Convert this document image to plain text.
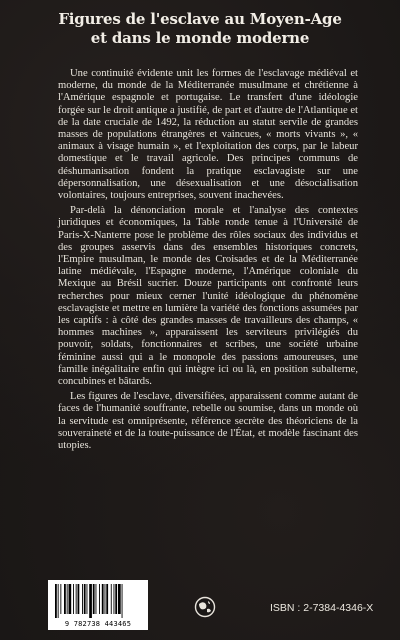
Figures de l'esclave au Moyen-Age
et dans le monde moderne

Une continuité évidente unit les formes de l'esclavage médiéval et moderne, du monde de la Méditerranée musulmane et chrétienne à l'Amérique espagnole et portugaise. Le transfert d'une idéologie forgée sur le droit antique a justifié, de part et d'autre de l'Atlantique et de la date cruciale de 1492, la réduction au statut servile de grandes masses de populations étrangères et vaincues, « morts vivants », « animaux à visage humain », et l'exploitation des corps, par le labeur domestique et le travail agricole. Des principes communs de déshumanisation fondent la pratique esclavagiste sur une dépersonnalisation, une désexualisation et une désocialisation volontaires, toujours entreprises, souvent inachevées.

Par-delà la dénonciation morale et l'analyse des contextes juridiques et économiques, la Table ronde tenue à l'Université de Paris-X-Nanterre pose le problème des rôles sociaux des individus et des groupes asservis dans des ensembles historiques concrets, l'Empire musulman, le monde des Croisades et de la Méditerranée latine médiévale, l'Espagne moderne, l'Amérique coloniale du Mexique au Brésil sucrier. Douze participants ont confronté leurs recherches pour mieux cerner l'unité idéologique du phénomène esclavagiste et mettre en lumière la variété des fonctions assumées par les captifs : à côté des grandes masses de travailleurs des champs, « hommes machines », apparaissent les serviteurs privilégiés du pouvoir, soldats, fonctionnaires et scribes, une société urbaine féminine aussi qui a le monopole des passions amoureuses, une famille inégalitaire enfin qui intègre ici ou là, en position subalterne, concubines et bâtards.

Les figures de l'esclave, diversifiées, apparaissent comme autant de faces de l'humanité souffrante, rebelle ou soumise, dans un monde où la servitude est omniprésente, référence secrète des théoriciens de la souveraineté et de la toute-puissance de l'État, et modèle fascinant des utopies.

9 782738 443465
ISBN : 2-7384-4346-X
